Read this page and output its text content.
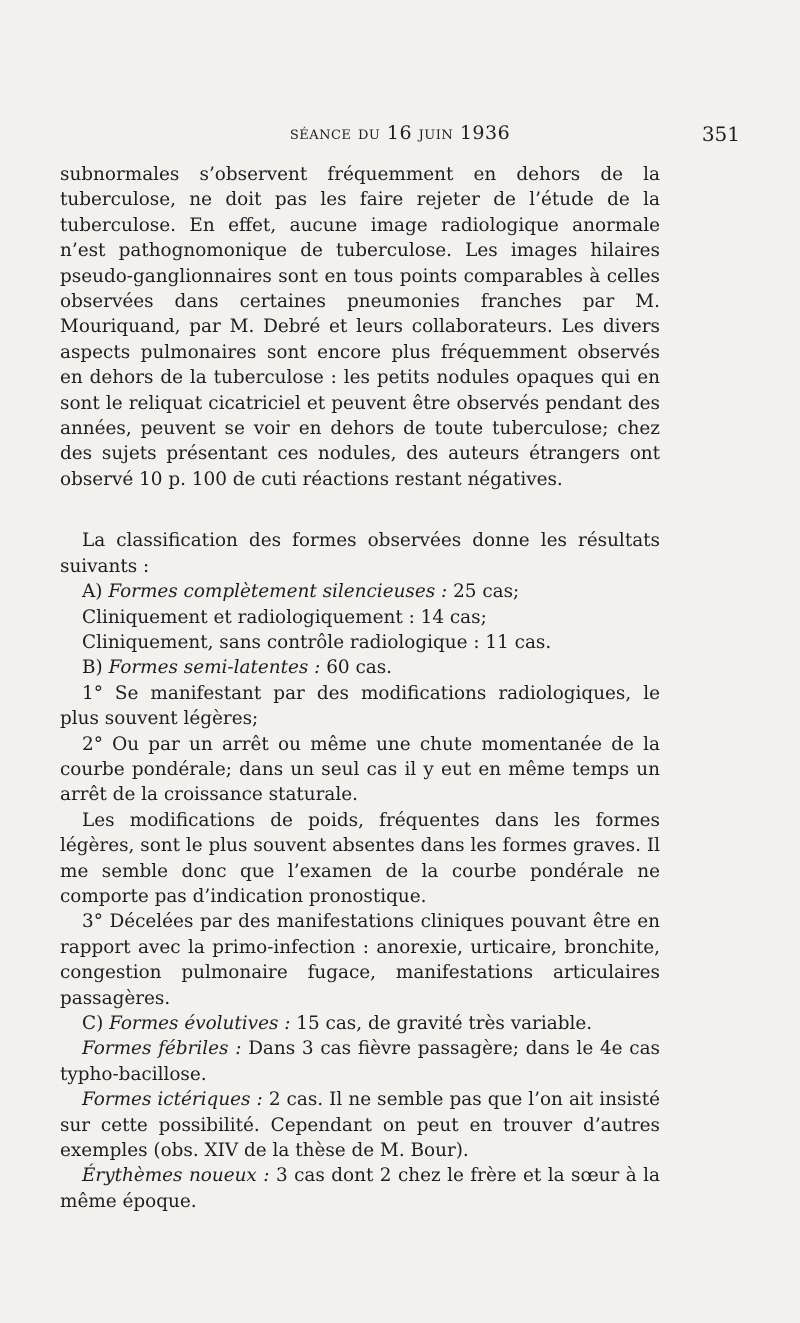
séance du 16 juin 1936	351

subnormales s’observent fréquemment en dehors de la tuberculose, ne doit pas les faire rejeter de l’étude de la tuberculose. En effet, aucune image radiologique anormale n’est pathognomonique de tuberculose. Les images hilaires pseudo-ganglionnaires sont en tous points comparables à celles observées dans certaines pneumonies franches par M. Mouriquand, par M. Debré et leurs collaborateurs. Les divers aspects pulmonaires sont encore plus fréquemment observés en dehors de la tuberculose : les petits nodules opaques qui en sont le reliquat cicatriciel et peuvent être observés pendant des années, peuvent se voir en dehors de toute tuberculose; chez des sujets présentant ces nodules, des auteurs étrangers ont observé 10 p. 100 de cuti réactions restant négatives.

La classification des formes observées donne les résultats suivants :

A) Formes complètement silencieuses : 25 cas;

Cliniquement et radiologiquement : 14 cas;

Cliniquement, sans contrôle radiologique : 11 cas.

B) Formes semi-latentes : 60 cas.

1° Se manifestant par des modifications radiologiques, le plus souvent légères;

2° Ou par un arrêt ou même une chute momentanée de la courbe pondérale; dans un seul cas il y eut en même temps un arrêt de la croissance staturale.

Les modifications de poids, fréquentes dans les formes légères, sont le plus souvent absentes dans les formes graves. Il me semble donc que l’examen de la courbe pondérale ne comporte pas d’indication pronostique.

3° Décelées par des manifestations cliniques pouvant être en rapport avec la primo-infection : anorexie, urticaire, bronchite, congestion pulmonaire fugace, manifestations articulaires passagères.

C) Formes évolutives : 15 cas, de gravité très variable.

Formes fébriles : Dans 3 cas fièvre passagère; dans le 4e cas typho-bacillose.

Formes ictériques : 2 cas. Il ne semble pas que l’on ait insisté sur cette possibilité. Cependant on peut en trouver d’autres exemples (obs. XIV de la thèse de M. Bour).

Érythèmes noueux : 3 cas dont 2 chez le frère et la sœur à la même époque.
